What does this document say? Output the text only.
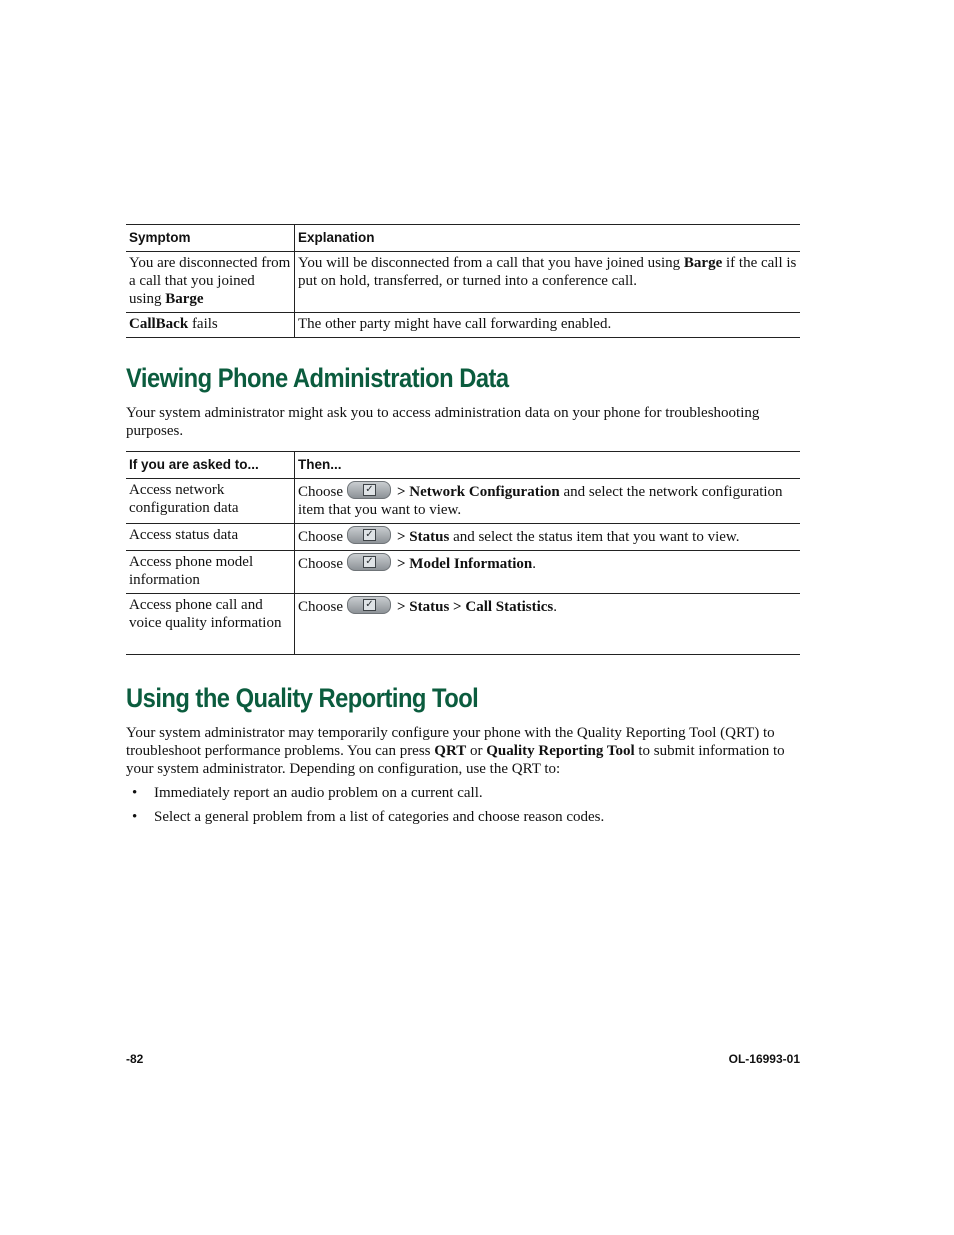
Symptom	Explanation
You are disconnected from a call that you joined using Barge	You will be disconnected from a call that you have joined using Barge if the call is put on hold, transferred, or turned into a conference call.
CallBack fails	The other party might have call forwarding enabled.
Viewing Phone Administration Data

Your system administrator might ask you to access administration data on your phone for troubleshooting purposes.

If you are asked to...	Then...
Access network configuration data	Choose ✓ > Network Configuration and select the network configuration item that you want to view.
Access status data	Choose ✓ > Status and select the status item that you want to view.
Access phone model information	Choose ✓ > Model Information.
Access phone call and voice quality information	Choose ✓ > Status > Call Statistics.
Using the Quality Reporting Tool

Your system administrator may temporarily configure your phone with the Quality Reporting Tool (QRT) to troubleshoot performance problems. You can press QRT or Quality Reporting Tool to submit information to your system administrator. Depending on configuration, use the QRT to:

• Immediately report an audio problem on a current call.
• Select a general problem from a list of categories and choose reason codes.
-82	OL-16993-01
